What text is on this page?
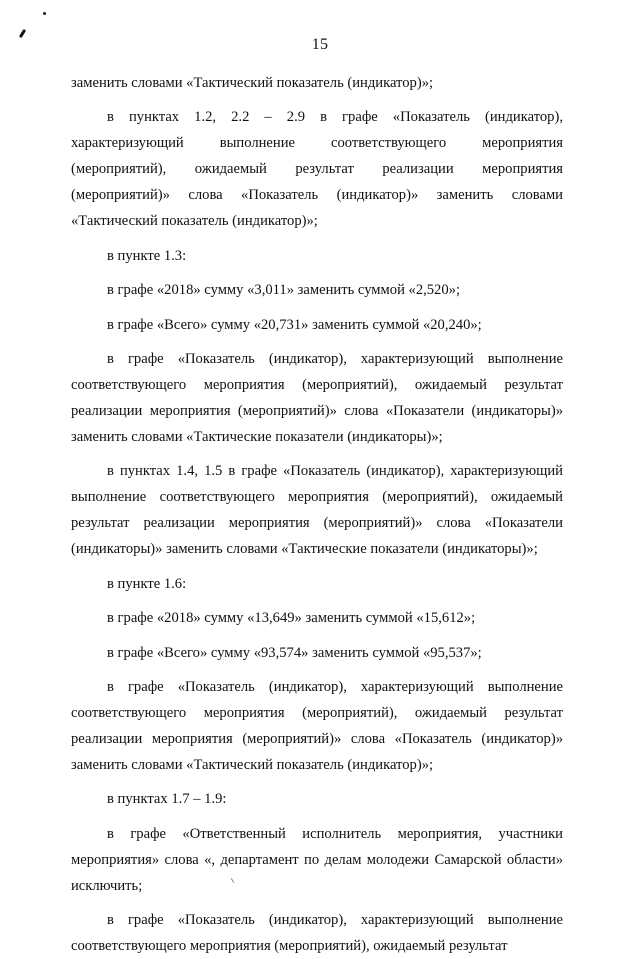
15

заменить словами «Тактический показатель (индикатор)»;

в пунктах 1.2, 2.2 – 2.9 в графе «Показатель (индикатор), характеризующий выполнение соответствующего мероприятия (мероприятий), ожидаемый результат реализации мероприятия (мероприятий)» слова «Показатель (индикатор)» заменить словами «Тактический показатель (индикатор)»;

в пункте 1.3:

в графе «2018» сумму «3,011» заменить суммой «2,520»;

в графе «Всего» сумму «20,731» заменить суммой «20,240»;

в графе «Показатель (индикатор), характеризующий выполнение соответствующего мероприятия (мероприятий), ожидаемый результат реализации мероприятия (мероприятий)» слова «Показатели (индикаторы)» заменить словами «Тактические показатели (индикаторы)»;

в пунктах 1.4, 1.5 в графе «Показатель (индикатор), характеризующий выполнение соответствующего мероприятия (мероприятий), ожидаемый результат реализации мероприятия (мероприятий)» слова «Показатели (индикаторы)» заменить словами «Тактические показатели (индикаторы)»;

в пункте 1.6:

в графе «2018» сумму «13,649» заменить суммой «15,612»;

в графе «Всего» сумму «93,574» заменить суммой «95,537»;

в графе «Показатель (индикатор), характеризующий выполнение соответствующего мероприятия (мероприятий), ожидаемый результат реализации мероприятия (мероприятий)» слова «Показатель (индикатор)» заменить словами «Тактический показатель (индикатор)»;

в пунктах 1.7 – 1.9:

в графе «Ответственный исполнитель мероприятия, участники мероприятия» слова «, департамент по делам молодежи Самарской области» исключить;

в графе «Показатель (индикатор), характеризующий выполнение соответствующего мероприятия (мероприятий), ожидаемый результат
